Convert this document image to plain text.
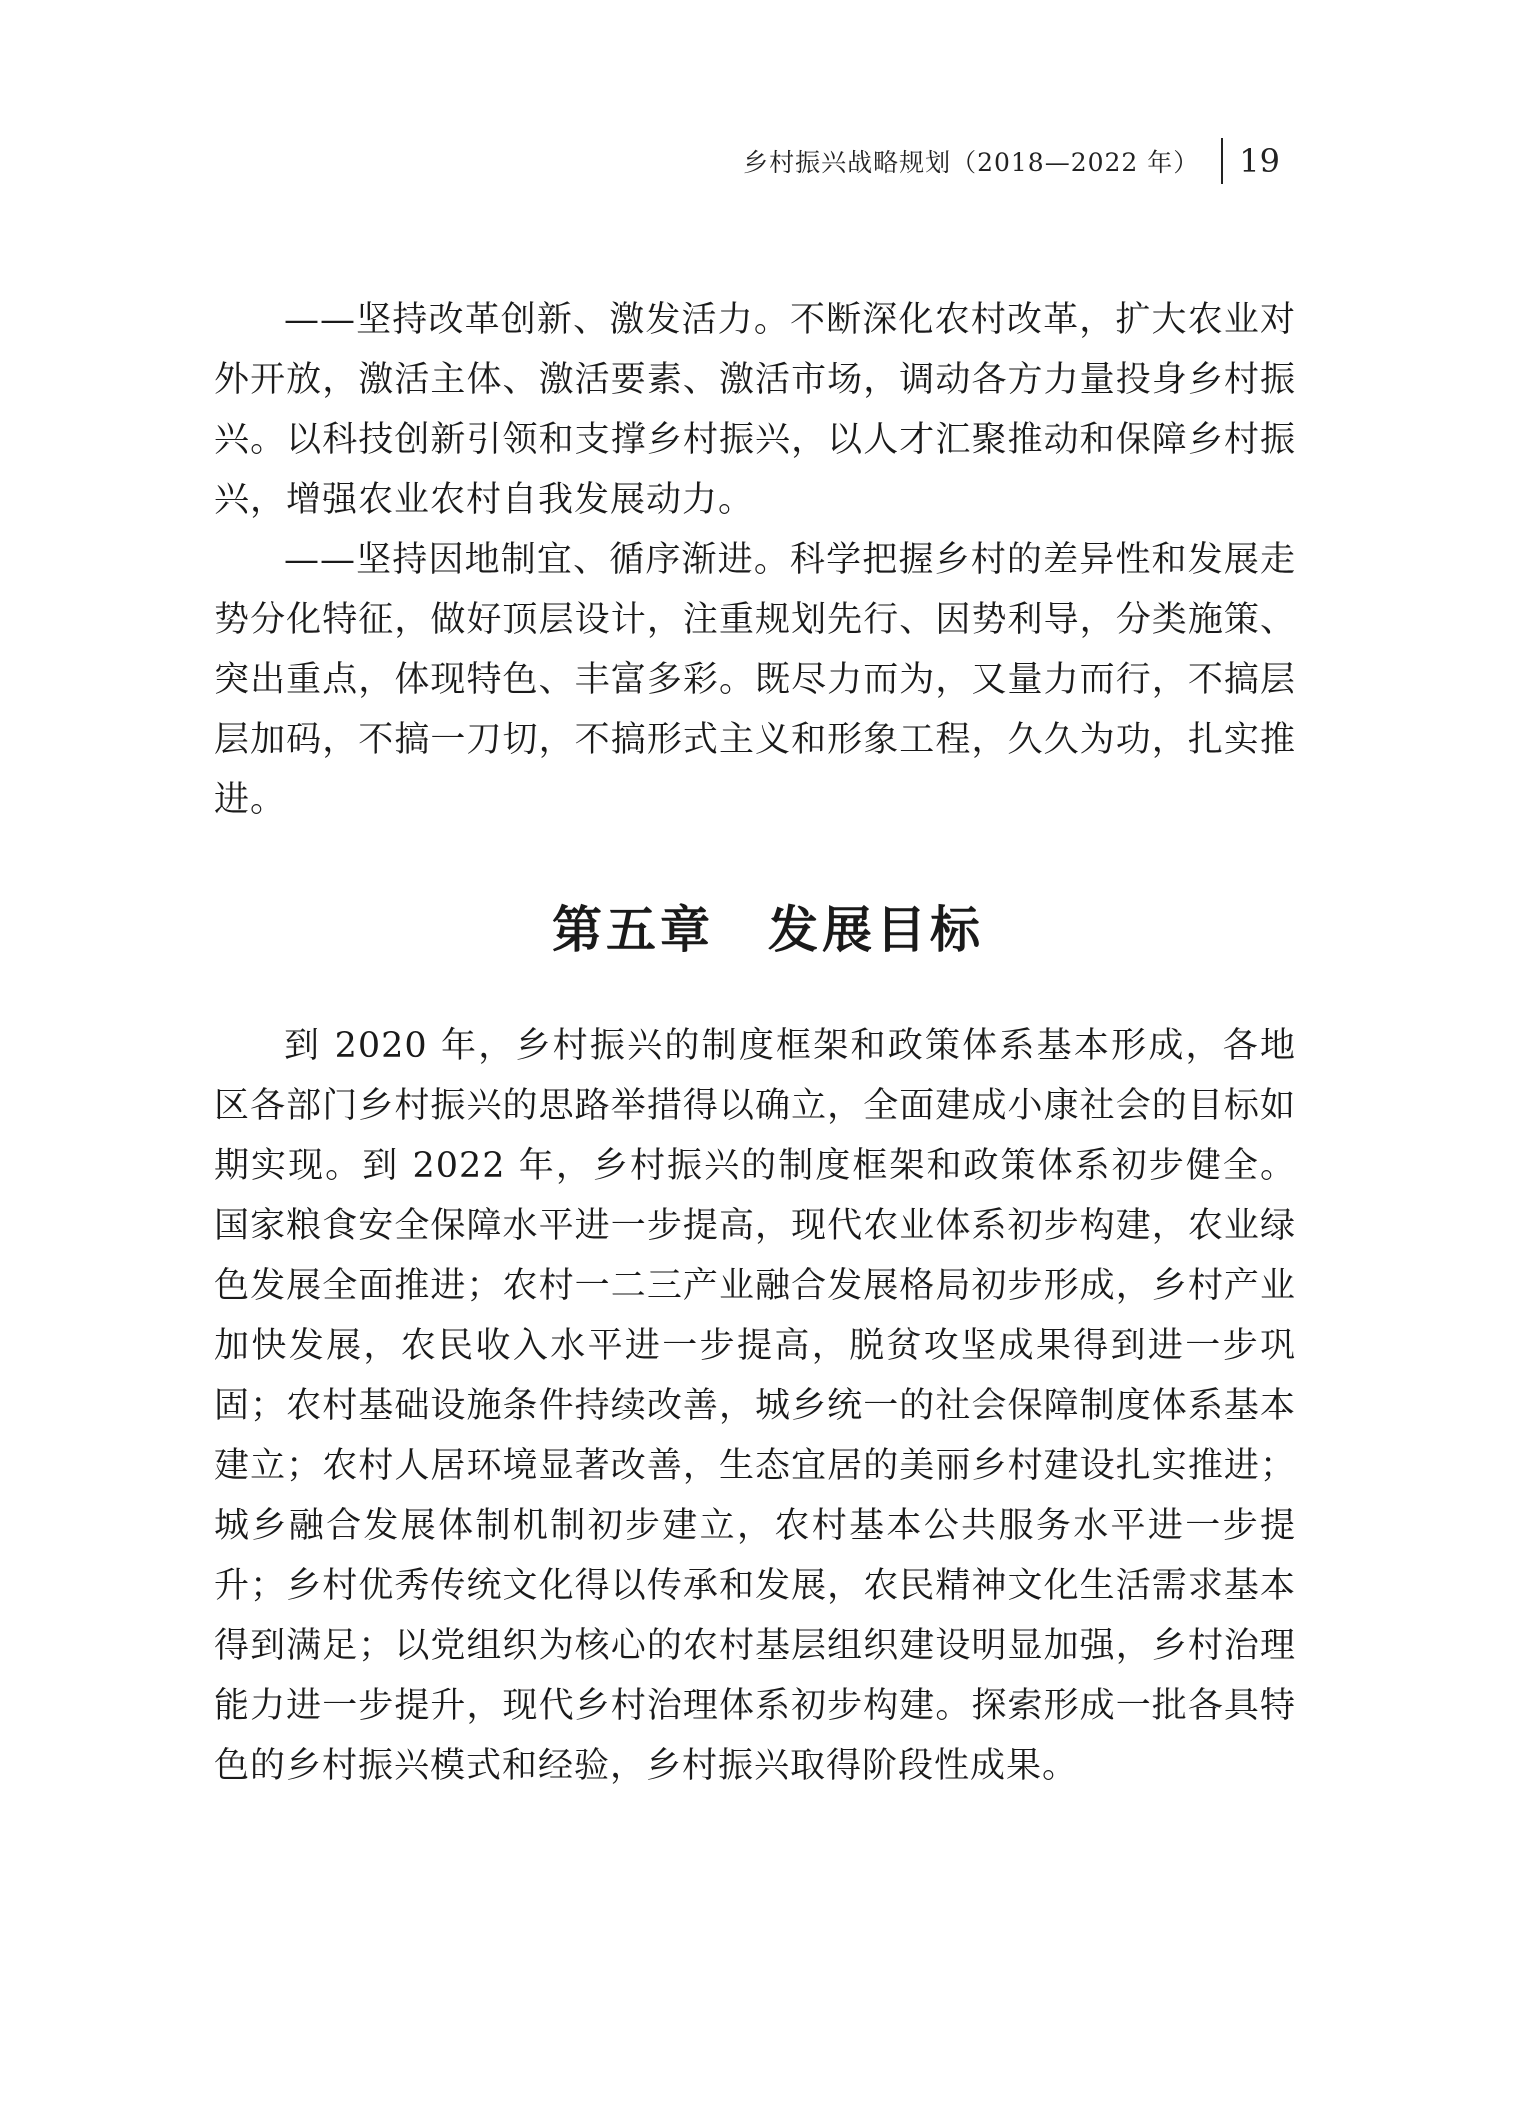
乡村振兴战略规划（2018—2022 年）	19

——坚持改革创新、激发活力。不断深化农村改革，扩大农业对外开放，激活主体、激活要素、激活市场，调动各方力量投身乡村振兴。以科技创新引领和支撑乡村振兴，以人才汇聚推动和保障乡村振兴，增强农业农村自我发展动力。

——坚持因地制宜、循序渐进。科学把握乡村的差异性和发展走势分化特征，做好顶层设计，注重规划先行、因势利导，分类施策、突出重点，体现特色、丰富多彩。既尽力而为，又量力而行，不搞层层加码，不搞一刀切，不搞形式主义和形象工程，久久为功，扎实推进。

第五章　发展目标

到 2020 年，乡村振兴的制度框架和政策体系基本形成，各地区各部门乡村振兴的思路举措得以确立，全面建成小康社会的目标如期实现。到 2022 年，乡村振兴的制度框架和政策体系初步健全。国家粮食安全保障水平进一步提高，现代农业体系初步构建，农业绿色发展全面推进；农村一二三产业融合发展格局初步形成，乡村产业加快发展，农民收入水平进一步提高，脱贫攻坚成果得到进一步巩固；农村基础设施条件持续改善，城乡统一的社会保障制度体系基本建立；农村人居环境显著改善，生态宜居的美丽乡村建设扎实推进；城乡融合发展体制机制初步建立，农村基本公共服务水平进一步提升；乡村优秀传统文化得以传承和发展，农民精神文化生活需求基本得到满足；以党组织为核心的农村基层组织建设明显加强，乡村治理能力进一步提升，现代乡村治理体系初步构建。探索形成一批各具特色的乡村振兴模式和经验，乡村振兴取得阶段性成果。
